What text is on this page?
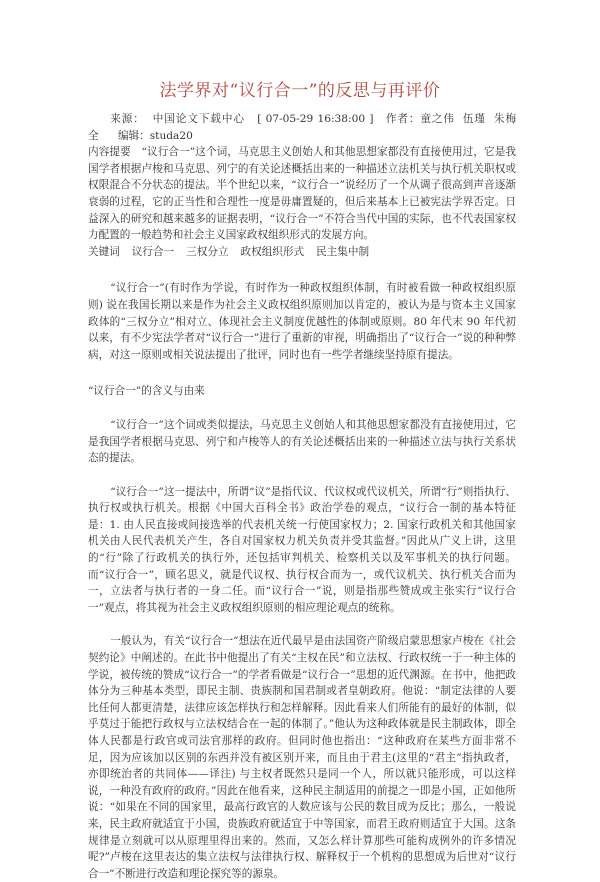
法学界对“议行合一”的反思与再评价

来源： 中国论文下载中心 [ 07-05-29 16:38:00 ] 作者：童之伟 伍瑾 朱梅全 编辑：studa20

内容提要　 “议行合一”这个词，马克思主义创始人和其他思想家都没有直接使用过，它是我国学者根据卢梭和马克思、列宁的有关论述概括出来的一种描述立法机关与执行机关职权或权限混合不分状态的提法。半个世纪以来，“议行合一”说经历了一个从调子很高到声音逐渐衰弱的过程，它的正当性和合理性一度是毋庸置疑的，但后来基本上已被宪法学界否定。日益深入的研究和越来越多的证据表明，“议行合一”不符合当代中国的实际，也不代表国家权力配置的一般趋势和社会主义国家政权组织形式的发展方向。

关键词 议行合一 三权分立 政权组织形式 民主集中制

“议行合一”(有时作为学说，有时作为一种政权组织体制，有时被看做一种政权组织原则) 说在我国长期以来是作为社会主义政权组织原则加以肯定的，被认为是与资本主义国家政体的“三权分立”相对立、体现社会主义制度优越性的体制或原则。80 年代末 90 年代初以来，有不少宪法学者对“议行合一”进行了重新的审视，明确指出了“议行合一”说的种种弊病，对这一原则或相关说法提出了批评，同时也有一些学者继续坚持原有提法。

“议行合一”的含义与由来

“议行合一”这个词或类似提法，马克思主义创始人和其他思想家都没有直接使用过，它是我国学者根据马克思、列宁和卢梭等人的有关论述概括出来的一种描述立法与执行关系状态的提法。

“议行合一”这一提法中，所谓“议”是指代议、代议权或代议机关，所谓“行”则指执行、执行权或执行机关。根据《中国大百科全书》政治学卷的观点，“议行合一制的基本特征是：1. 由人民直接或间接选举的代表机关统一行使国家权力；2. 国家行政机关和其他国家机关由人民代表机关产生，各自对国家权力机关负责并受其监督。”因此从广义上讲，这里的“行”除了行政机关的执行外，还包括审判机关、检察机关以及军事机关的执行问题。而“议行合一”，顾名思义，就是代议权、执行权合而为一，或代议机关、执行机关合而为一，立法者与执行者的一身二任。而“议行合一”说，则是指那些赞成或主张实行“议行合一”观点，将其视为社会主义政权组织原则的相应理论观点的统称。

一般认为，有关“议行合一”想法在近代最早是由法国资产阶级启蒙思想家卢梭在《社会契约论》中阐述的。在此书中他提出了有关“主权在民”和立法权、行政权统一于一种主体的学说，被传统的赞成“议行合一”的学者看做是“议行合一”思想的近代渊源。在书中，他把政体分为三种基本类型，即民主制、贵族制和国君制或者皇朝政府。他说：“制定法律的人要比任何人都更清楚，法律应该怎样执行和怎样解释。因此看来人们所能有的最好的体制，似乎莫过于能把行政权与立法权结合在一起的体制了。”他认为这种政体就是民主制政体，即全体人民都是行政官或司法官那样的政府。但同时他也指出：“这种政府在某些方面非常不足，因为应该加以区别的东西并没有被区别开来，而且由于君主(这里的“君主”指执政者，亦即统治者的共同体——译注) 与主权者既然只是同一个人，所以就只能形成，可以这样说，一种没有政府的政府。”因此在他看来，这种民主制适用的前提之一即是小国，正如他所说：“如果在不同的国家里，最高行政官的人数应该与公民的数目成为反比；那么，一般说来，民主政府就适宜于小国，贵族政府就适宜于中等国家，而君王政府则适宜于大国。这条规律是立刻就可以从原理里得出来的。然而，又怎么样计算那些可能构成例外的许多情况呢?”卢梭在这里表达的集立法权与法律执行权、解释权于一个机构的思想成为后世对“议行合一”不断进行改造和理论探究等的源泉。
